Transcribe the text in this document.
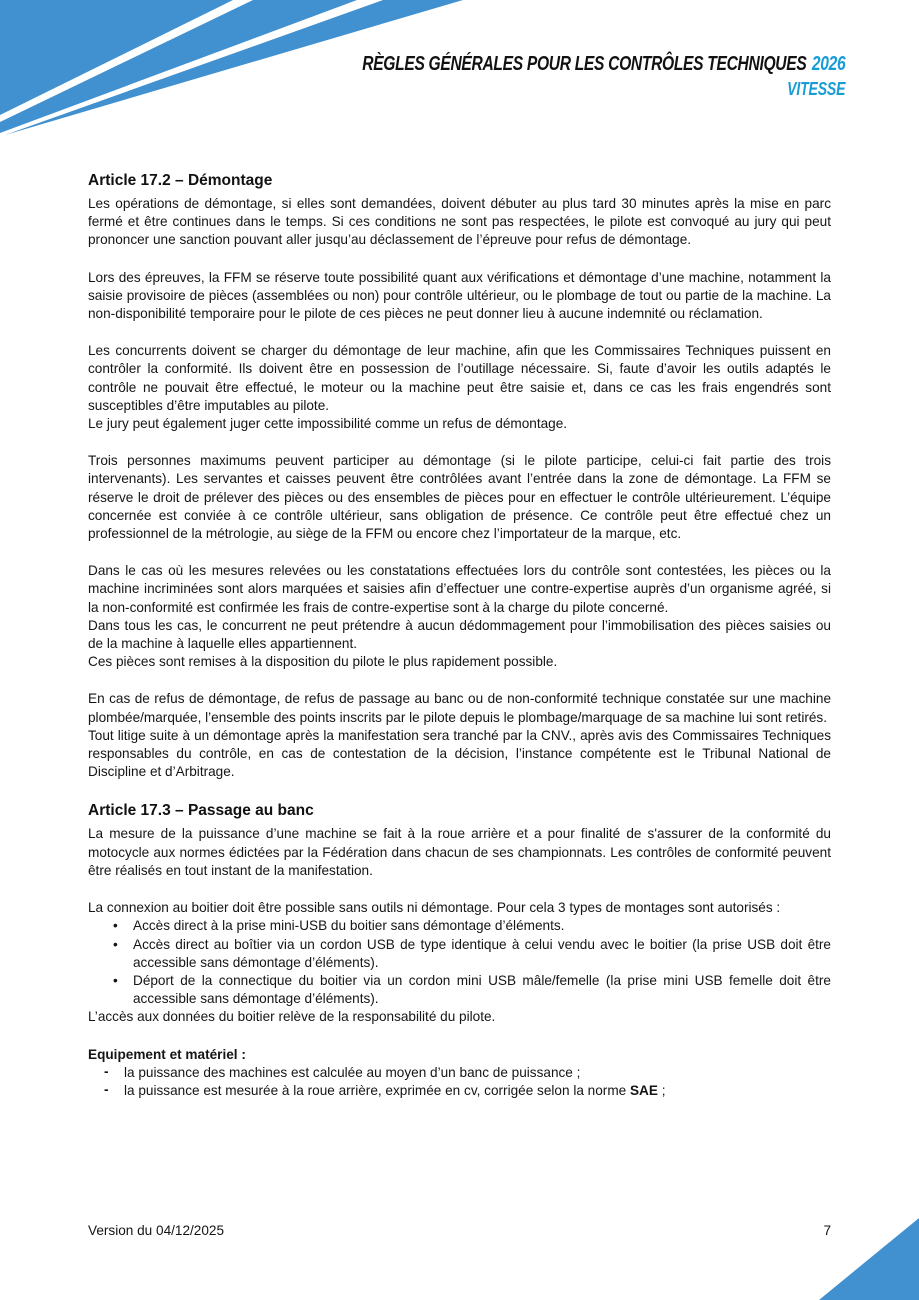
RÈGLES GÉNÉRALES POUR LES CONTRÔLES TECHNIQUES 2026
VITESSE
Article 17.2 – Démontage
Les opérations de démontage, si elles sont demandées, doivent débuter au plus tard 30 minutes après la mise en parc fermé et être continues dans le temps. Si ces conditions ne sont pas respectées, le pilote est convoqué au jury qui peut prononcer une sanction pouvant aller jusqu’au déclassement de l’épreuve pour refus de démontage.
Lors des épreuves, la FFM se réserve toute possibilité quant aux vérifications et démontage d’une machine, notamment la saisie provisoire de pièces (assemblées ou non) pour contrôle ultérieur, ou le plombage de tout ou partie de la machine. La non-disponibilité temporaire pour le pilote de ces pièces ne peut donner lieu à aucune indemnité ou réclamation.
Les concurrents doivent se charger du démontage de leur machine, afin que les Commissaires Techniques puissent en contrôler la conformité. Ils doivent être en possession de l’outillage nécessaire. Si, faute d’avoir les outils adaptés le contrôle ne pouvait être effectué, le moteur ou la machine peut être saisie et, dans ce cas les frais engendrés sont susceptibles d’être imputables au pilote.
Le jury peut également juger cette impossibilité comme un refus de démontage.
Trois personnes maximums peuvent participer au démontage (si le pilote participe, celui-ci fait partie des trois intervenants). Les servantes et caisses peuvent être contrôlées avant l’entrée dans la zone de démontage. La FFM se réserve le droit de prélever des pièces ou des ensembles de pièces pour en effectuer le contrôle ultérieurement. L’équipe concernée est conviée à ce contrôle ultérieur, sans obligation de présence. Ce contrôle peut être effectué chez un professionnel de la métrologie, au siège de la FFM ou encore chez l’importateur de la marque, etc.
Dans le cas où les mesures relevées ou les constatations effectuées lors du contrôle sont contestées, les pièces ou la machine incriminées sont alors marquées et saisies afin d’effectuer une contre-expertise auprès d’un organisme agréé, si la non-conformité est confirmée les frais de contre-expertise sont à la charge du pilote concerné.
Dans tous les cas, le concurrent ne peut prétendre à aucun dédommagement pour l’immobilisation des pièces saisies ou de la machine à laquelle elles appartiennent.
Ces pièces sont remises à la disposition du pilote le plus rapidement possible.
En cas de refus de démontage, de refus de passage au banc ou de non-conformité technique constatée sur une machine plombée/marquée, l’ensemble des points inscrits par le pilote depuis le plombage/marquage de sa machine lui sont retirés.
Tout litige suite à un démontage après la manifestation sera tranché par la CNV., après avis des Commissaires Techniques responsables du contrôle, en cas de contestation de la décision, l’instance compétente est le Tribunal National de Discipline et d’Arbitrage.
Article 17.3 – Passage au banc
La mesure de la puissance d’une machine se fait à la roue arrière et a pour finalité de s'assurer de la conformité du motocycle aux normes édictées par la Fédération dans chacun de ses championnats. Les contrôles de conformité peuvent être réalisés en tout instant de la manifestation.
La connexion au boitier doit être possible sans outils ni démontage. Pour cela 3 types de montages sont autorisés :
• Accès direct à la prise mini-USB du boitier sans démontage d’éléments.
• Accès direct au boîtier via un cordon USB de type identique à celui vendu avec le boitier (la prise USB doit être accessible sans démontage d’éléments).
• Déport de la connectique du boitier via un cordon mini USB mâle/femelle (la prise mini USB femelle doit être accessible sans démontage d’éléments).
L’accès aux données du boitier relève de la responsabilité du pilote.
Equipement et matériel :
- la puissance des machines est calculée au moyen d’un banc de puissance ;
- la puissance est mesurée à la roue arrière, exprimée en cv, corrigée selon la norme SAE ;
Version du 04/12/2025	7
